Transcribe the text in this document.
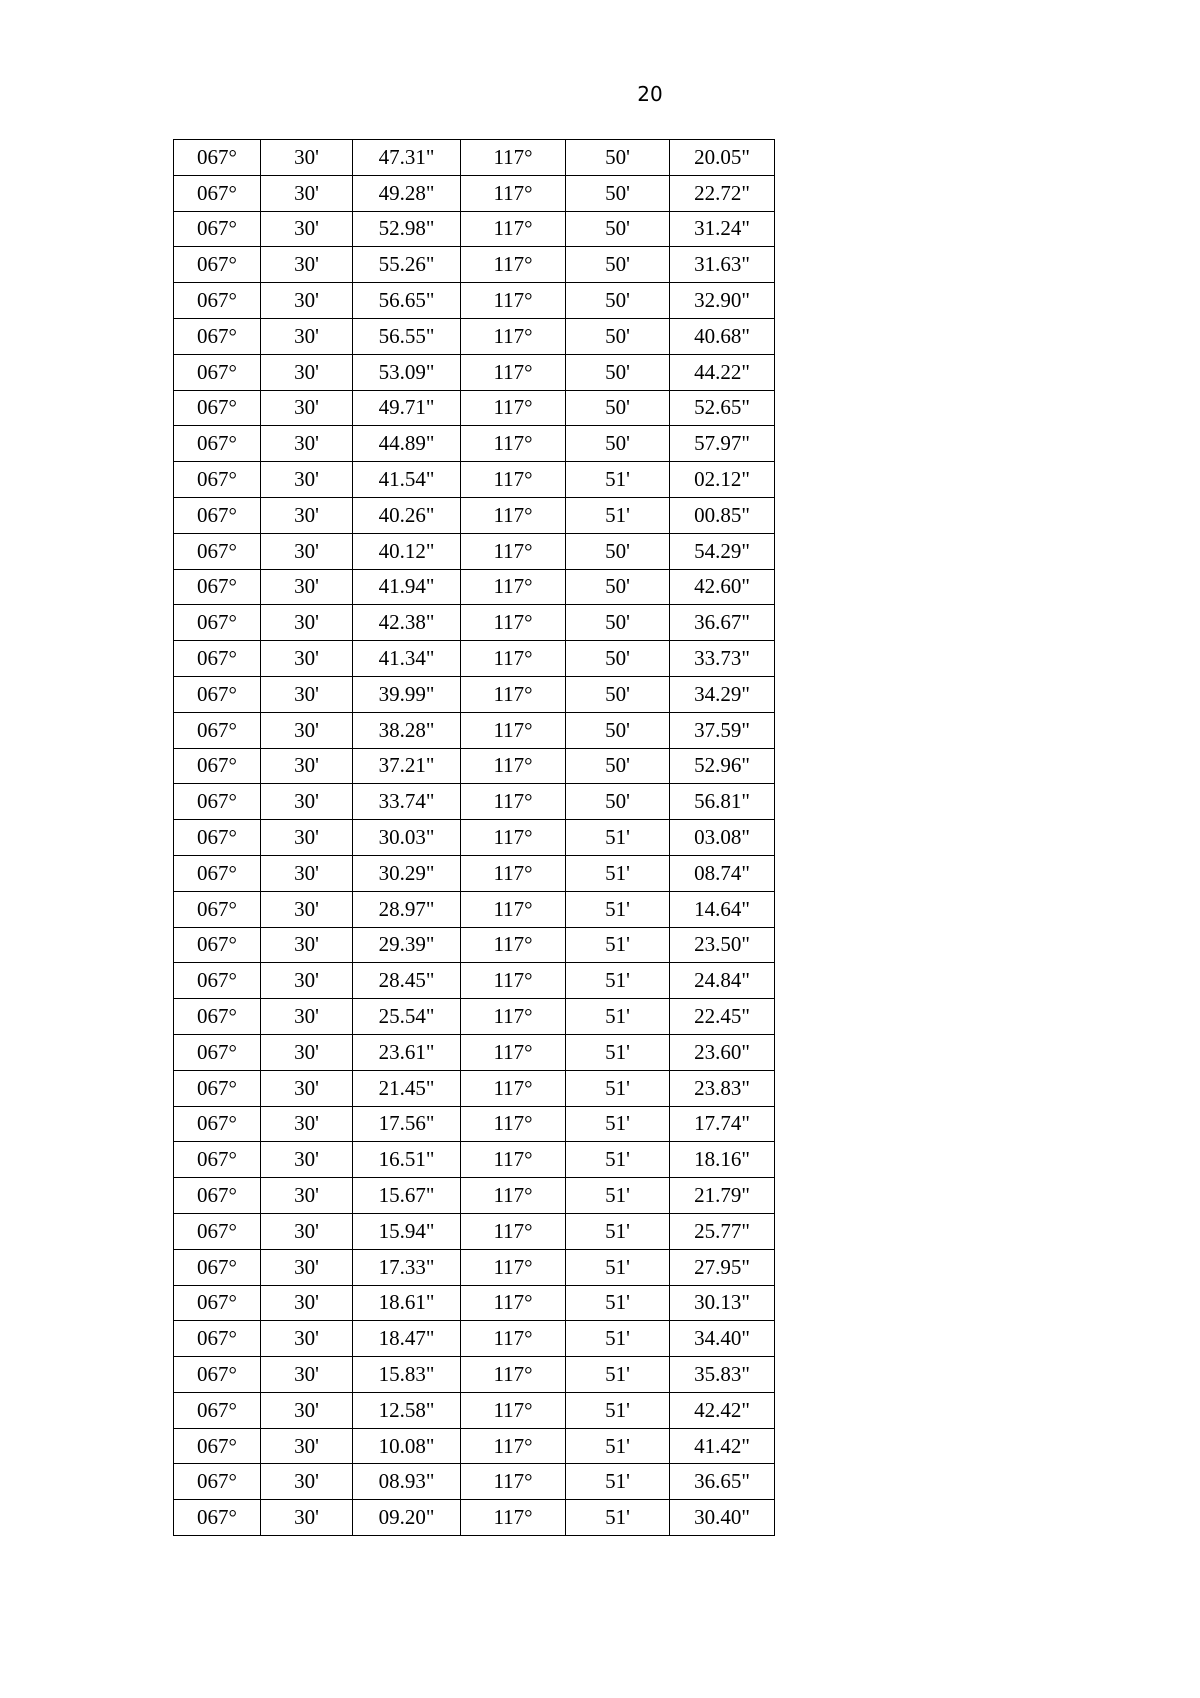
20
067°	30'	47.31"	117°	50'	20.05"
067°	30'	49.28"	117°	50'	22.72"
067°	30'	52.98"	117°	50'	31.24"
067°	30'	55.26"	117°	50'	31.63"
067°	30'	56.65"	117°	50'	32.90"
067°	30'	56.55"	117°	50'	40.68"
067°	30'	53.09"	117°	50'	44.22"
067°	30'	49.71"	117°	50'	52.65"
067°	30'	44.89"	117°	50'	57.97"
067°	30'	41.54"	117°	51'	02.12"
067°	30'	40.26"	117°	51'	00.85"
067°	30'	40.12"	117°	50'	54.29"
067°	30'	41.94"	117°	50'	42.60"
067°	30'	42.38"	117°	50'	36.67"
067°	30'	41.34"	117°	50'	33.73"
067°	30'	39.99"	117°	50'	34.29"
067°	30'	38.28"	117°	50'	37.59"
067°	30'	37.21"	117°	50'	52.96"
067°	30'	33.74"	117°	50'	56.81"
067°	30'	30.03"	117°	51'	03.08"
067°	30'	30.29"	117°	51'	08.74"
067°	30'	28.97"	117°	51'	14.64"
067°	30'	29.39"	117°	51'	23.50"
067°	30'	28.45"	117°	51'	24.84"
067°	30'	25.54"	117°	51'	22.45"
067°	30'	23.61"	117°	51'	23.60"
067°	30'	21.45"	117°	51'	23.83"
067°	30'	17.56"	117°	51'	17.74"
067°	30'	16.51"	117°	51'	18.16"
067°	30'	15.67"	117°	51'	21.79"
067°	30'	15.94"	117°	51'	25.77"
067°	30'	17.33"	117°	51'	27.95"
067°	30'	18.61"	117°	51'	30.13"
067°	30'	18.47"	117°	51'	34.40"
067°	30'	15.83"	117°	51'	35.83"
067°	30'	12.58"	117°	51'	42.42"
067°	30'	10.08"	117°	51'	41.42"
067°	30'	08.93"	117°	51'	36.65"
067°	30'	09.20"	117°	51'	30.40"
